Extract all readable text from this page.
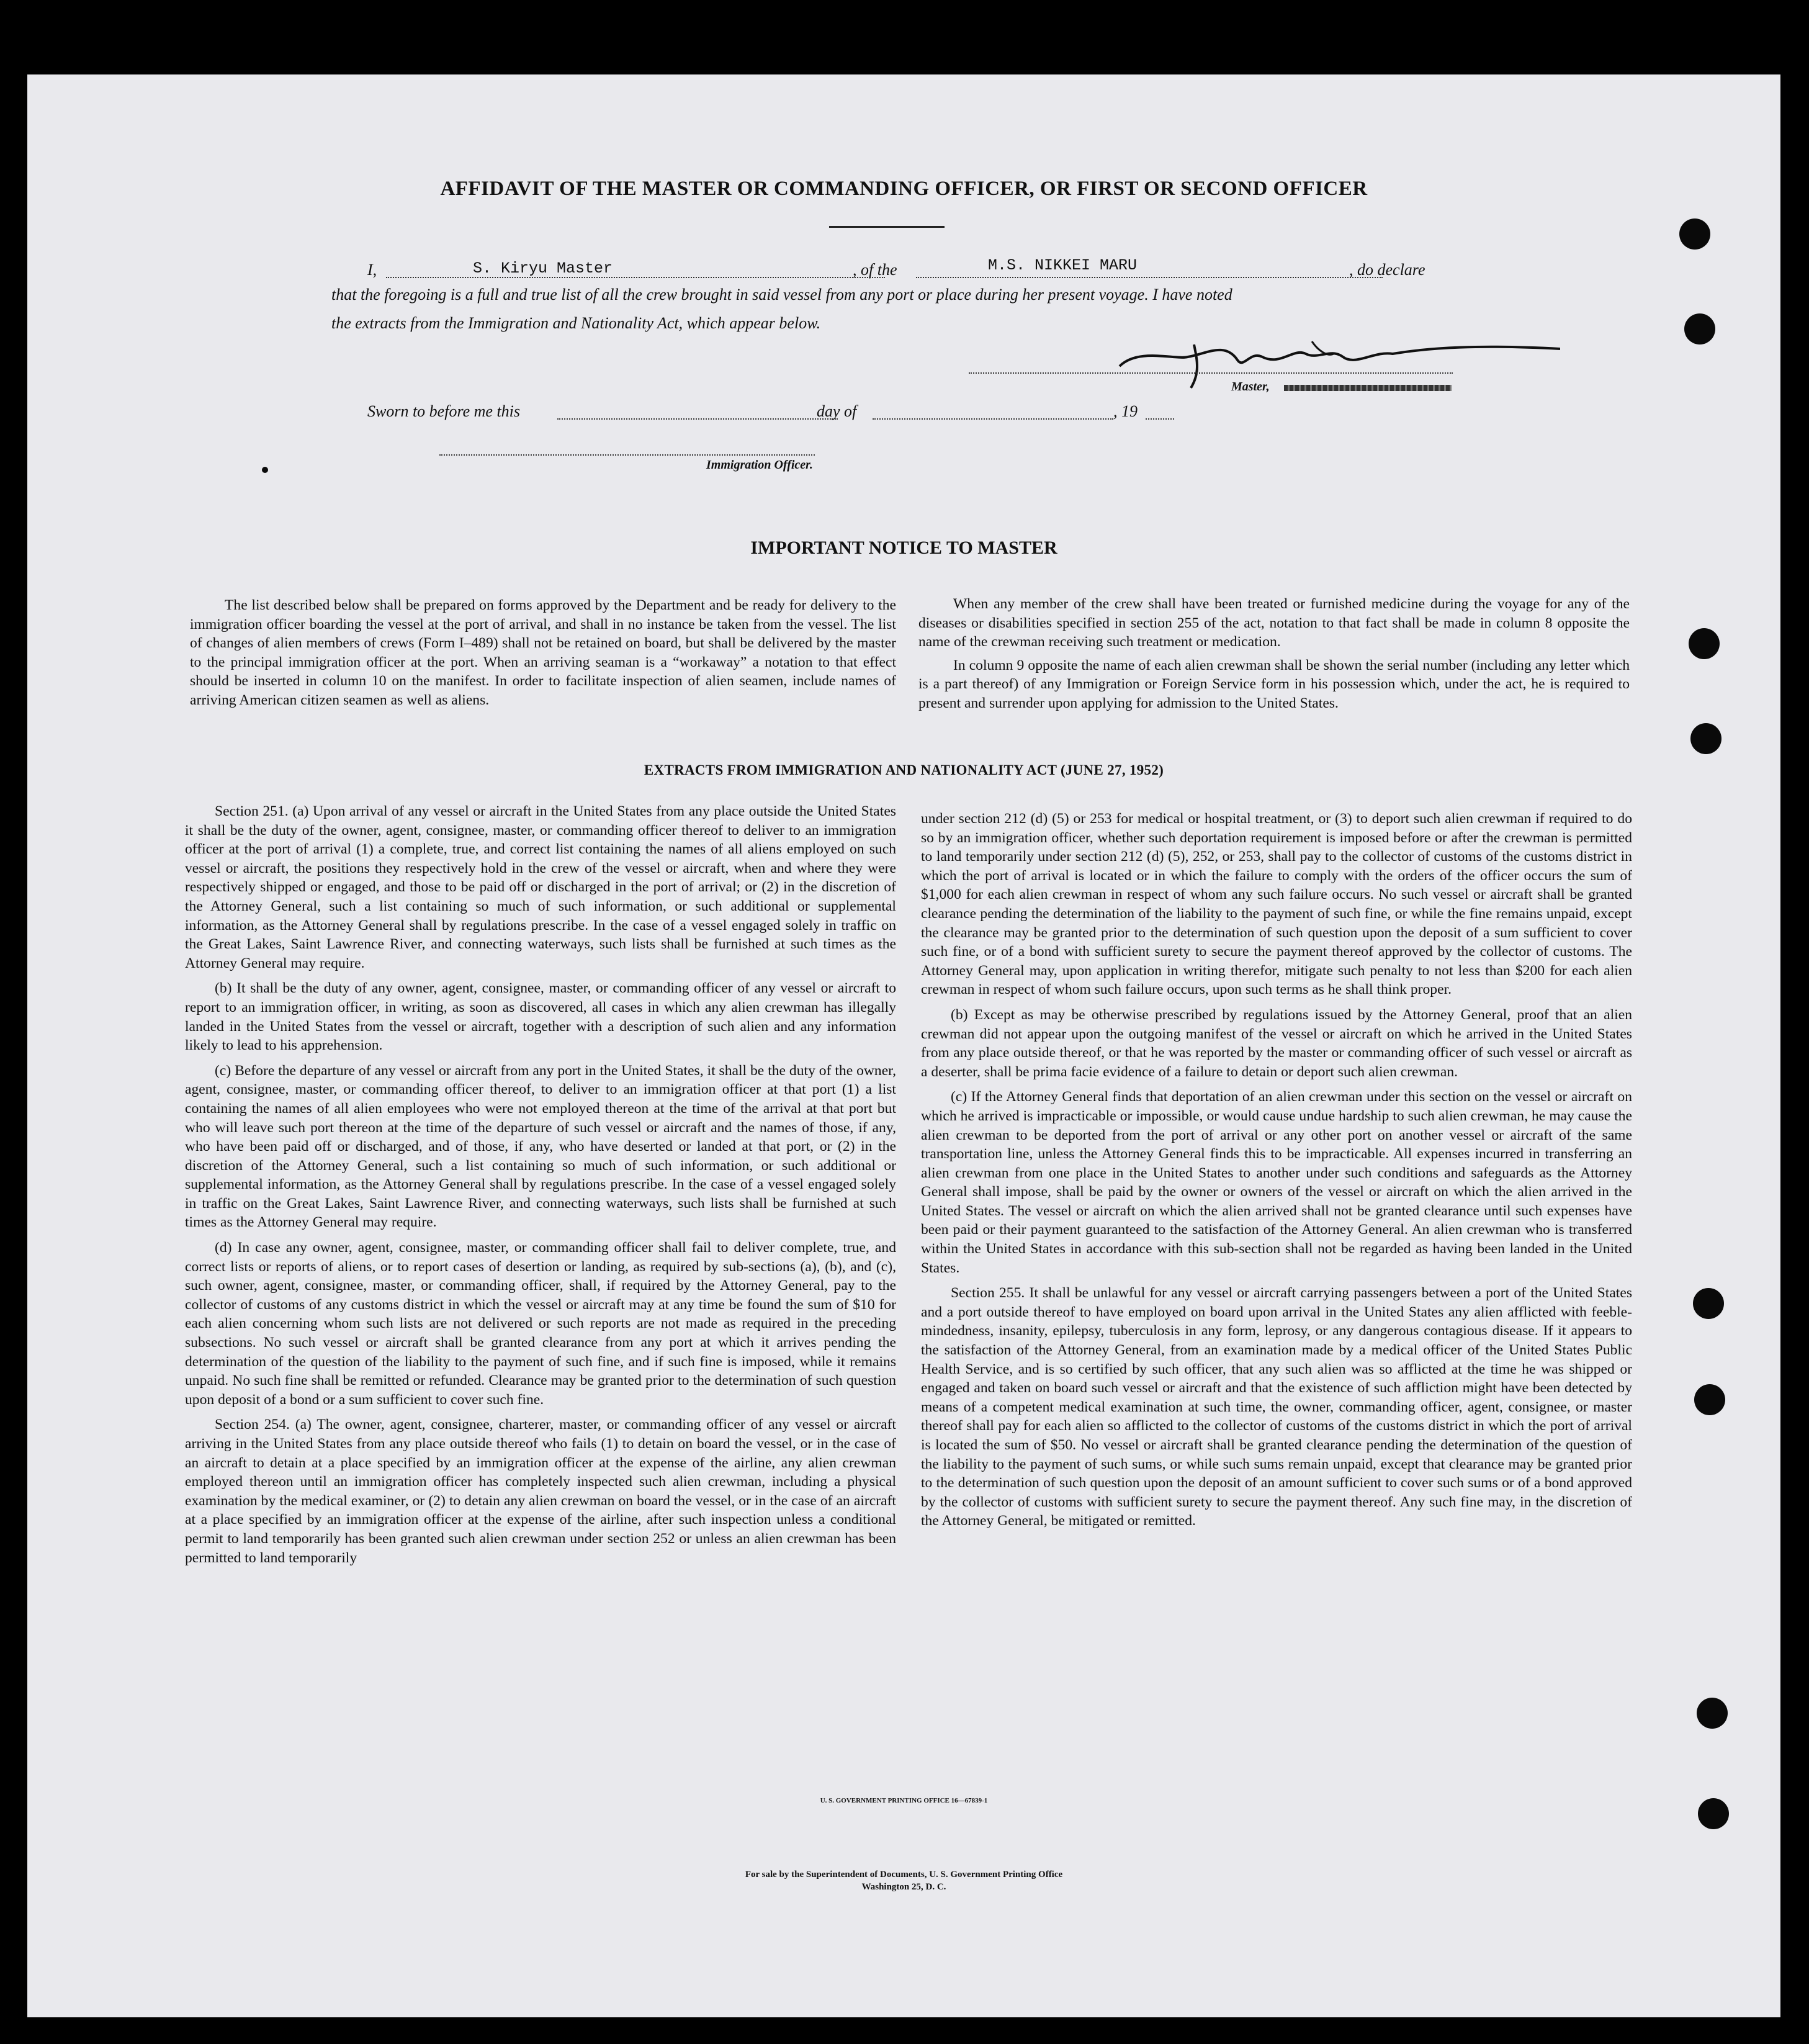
AFFIDAVIT OF THE MASTER OR COMMANDING OFFICER, OR FIRST OR SECOND OFFICER
I,	S. Kiryu Master	, of the	M.S. NIKKEI MARU	, do declare
that the foregoing is a full and true list of all the crew brought in said vessel from any port or place during her present voyage. I have noted
the extracts from the Immigration and Nationality Act, which appear below.
Master,
Sworn to before me this	day of	, 19
Immigration Officer.
IMPORTANT NOTICE TO MASTER

The list described below shall be prepared on forms approved by the Department and be ready for delivery to the immigration officer boarding the vessel at the port of arrival, and shall in no instance be taken from the vessel. The list of changes of alien members of crews (Form I–489) shall not be retained on board, but shall be delivered by the master to the principal immigration officer at the port. When an arriving seaman is a “workaway” a notation to that effect should be inserted in column 10 on the manifest. In order to facilitate inspection of alien seamen, include names of arriving American citizen seamen as well as aliens.

When any member of the crew shall have been treated or furnished medicine during the voyage for any of the diseases or disabilities specified in section 255 of the act, notation to that fact shall be made in column 8 opposite the name of the crewman receiving such treatment or medication.

In column 9 opposite the name of each alien crewman shall be shown the serial number (including any letter which is a part thereof) of any Immigration or Foreign Service form in his possession which, under the act, he is required to present and surrender upon applying for admission to the United States.

EXTRACTS FROM IMMIGRATION AND NATIONALITY ACT (JUNE 27, 1952)

Section 251. (a) Upon arrival of any vessel or aircraft in the United States from any place outside the United States it shall be the duty of the owner, agent, consignee, master, or commanding officer thereof to deliver to an immigration officer at the port of arrival (1) a complete, true, and correct list containing the names of all aliens employed on such vessel or aircraft, the positions they respectively hold in the crew of the vessel or aircraft, when and where they were respectively shipped or engaged, and those to be paid off or discharged in the port of arrival; or (2) in the discretion of the Attorney General, such a list containing so much of such information, or such additional or supplemental information, as the Attorney General shall by regulations prescribe. In the case of a vessel engaged solely in traffic on the Great Lakes, Saint Lawrence River, and connecting waterways, such lists shall be furnished at such times as the Attorney General may require.

(b) It shall be the duty of any owner, agent, consignee, master, or commanding officer of any vessel or aircraft to report to an immigration officer, in writing, as soon as discovered, all cases in which any alien crewman has illegally landed in the United States from the vessel or aircraft, together with a description of such alien and any information likely to lead to his apprehension.

(c) Before the departure of any vessel or aircraft from any port in the United States, it shall be the duty of the owner, agent, consignee, master, or commanding officer thereof, to deliver to an immigration officer at that port (1) a list containing the names of all alien employees who were not employed thereon at the time of the arrival at that port but who will leave such port thereon at the time of the departure of such vessel or aircraft and the names of those, if any, who have been paid off or discharged, and of those, if any, who have deserted or landed at that port, or (2) in the discretion of the Attorney General, such a list containing so much of such information, or such additional or supplemental information, as the Attorney General shall by regulations prescribe. In the case of a vessel engaged solely in traffic on the Great Lakes, Saint Lawrence River, and connecting waterways, such lists shall be furnished at such times as the Attorney General may require.

(d) In case any owner, agent, consignee, master, or commanding officer shall fail to deliver complete, true, and correct lists or reports of aliens, or to report cases of desertion or landing, as required by sub-sections (a), (b), and (c), such owner, agent, consignee, master, or commanding officer, shall, if required by the Attorney General, pay to the collector of customs of any customs district in which the vessel or aircraft may at any time be found the sum of $10 for each alien concerning whom such lists are not delivered or such reports are not made as required in the preceding subsections. No such vessel or aircraft shall be granted clearance from any port at which it arrives pending the determination of the question of the liability to the payment of such fine, and if such fine is imposed, while it remains unpaid. No such fine shall be remitted or refunded. Clearance may be granted prior to the determination of such question upon deposit of a bond or a sum sufficient to cover such fine.

Section 254. (a) The owner, agent, consignee, charterer, master, or commanding officer of any vessel or aircraft arriving in the United States from any place outside thereof who fails (1) to detain on board the vessel, or in the case of an aircraft to detain at a place specified by an immigration officer at the expense of the airline, any alien crewman employed thereon until an immigration officer has completely inspected such alien crewman, including a physical examination by the medical examiner, or (2) to detain any alien crewman on board the vessel, or in the case of an aircraft at a place specified by an immigration officer at the expense of the airline, after such inspection unless a conditional permit to land temporarily has been granted such alien crewman under section 252 or unless an alien crewman has been permitted to land temporarily

under section 212 (d) (5) or 253 for medical or hospital treatment, or (3) to deport such alien crewman if required to do so by an immigration officer, whether such deportation requirement is imposed before or after the crewman is permitted to land temporarily under section 212 (d) (5), 252, or 253, shall pay to the collector of customs of the customs district in which the port of arrival is located or in which the failure to comply with the orders of the officer occurs the sum of $1,000 for each alien crewman in respect of whom any such failure occurs. No such vessel or aircraft shall be granted clearance pending the determination of the liability to the payment of such fine, or while the fine remains unpaid, except the clearance may be granted prior to the determination of such question upon the deposit of a sum sufficient to cover such fine, or of a bond with sufficient surety to secure the payment thereof approved by the collector of customs. The Attorney General may, upon application in writing therefor, mitigate such penalty to not less than $200 for each alien crewman in respect of whom such failure occurs, upon such terms as he shall think proper.

(b) Except as may be otherwise prescribed by regulations issued by the Attorney General, proof that an alien crewman did not appear upon the outgoing manifest of the vessel or aircraft on which he arrived in the United States from any place outside thereof, or that he was reported by the master or commanding officer of such vessel or aircraft as a deserter, shall be prima facie evidence of a failure to detain or deport such alien crewman.

(c) If the Attorney General finds that deportation of an alien crewman under this section on the vessel or aircraft on which he arrived is impracticable or impossible, or would cause undue hardship to such alien crewman, he may cause the alien crewman to be deported from the port of arrival or any other port on another vessel or aircraft of the same transportation line, unless the Attorney General finds this to be impracticable. All expenses incurred in transferring an alien crewman from one place in the United States to another under such conditions and safeguards as the Attorney General shall impose, shall be paid by the owner or owners of the vessel or aircraft on which the alien arrived in the United States. The vessel or aircraft on which the alien arrived shall not be granted clearance until such expenses have been paid or their payment guaranteed to the satisfaction of the Attorney General. An alien crewman who is transferred within the United States in accordance with this sub-section shall not be regarded as having been landed in the United States.

Section 255. It shall be unlawful for any vessel or aircraft carrying passengers between a port of the United States and a port outside thereof to have employed on board upon arrival in the United States any alien afflicted with feeble-mindedness, insanity, epilepsy, tuberculosis in any form, leprosy, or any dangerous contagious disease. If it appears to the satisfaction of the Attorney General, from an examination made by a medical officer of the United States Public Health Service, and is so certified by such officer, that any such alien was so afflicted at the time he was shipped or engaged and taken on board such vessel or aircraft and that the existence of such affliction might have been detected by means of a competent medical examination at such time, the owner, commanding officer, agent, consignee, or master thereof shall pay for each alien so afflicted to the collector of customs of the customs district in which the port of arrival is located the sum of $50. No vessel or aircraft shall be granted clearance pending the determination of the question of the liability to the payment of such sums, or while such sums remain unpaid, except that clearance may be granted prior to the determination of such question upon the deposit of an amount sufficient to cover such sums or of a bond approved by the collector of customs with sufficient surety to secure the payment thereof. Any such fine may, in the discretion of the Attorney General, be mitigated or remitted.

U. S. GOVERNMENT PRINTING OFFICE 16—67839-1
For sale by the Superintendent of Documents, U. S. Government Printing Office
Washington 25, D. C.
